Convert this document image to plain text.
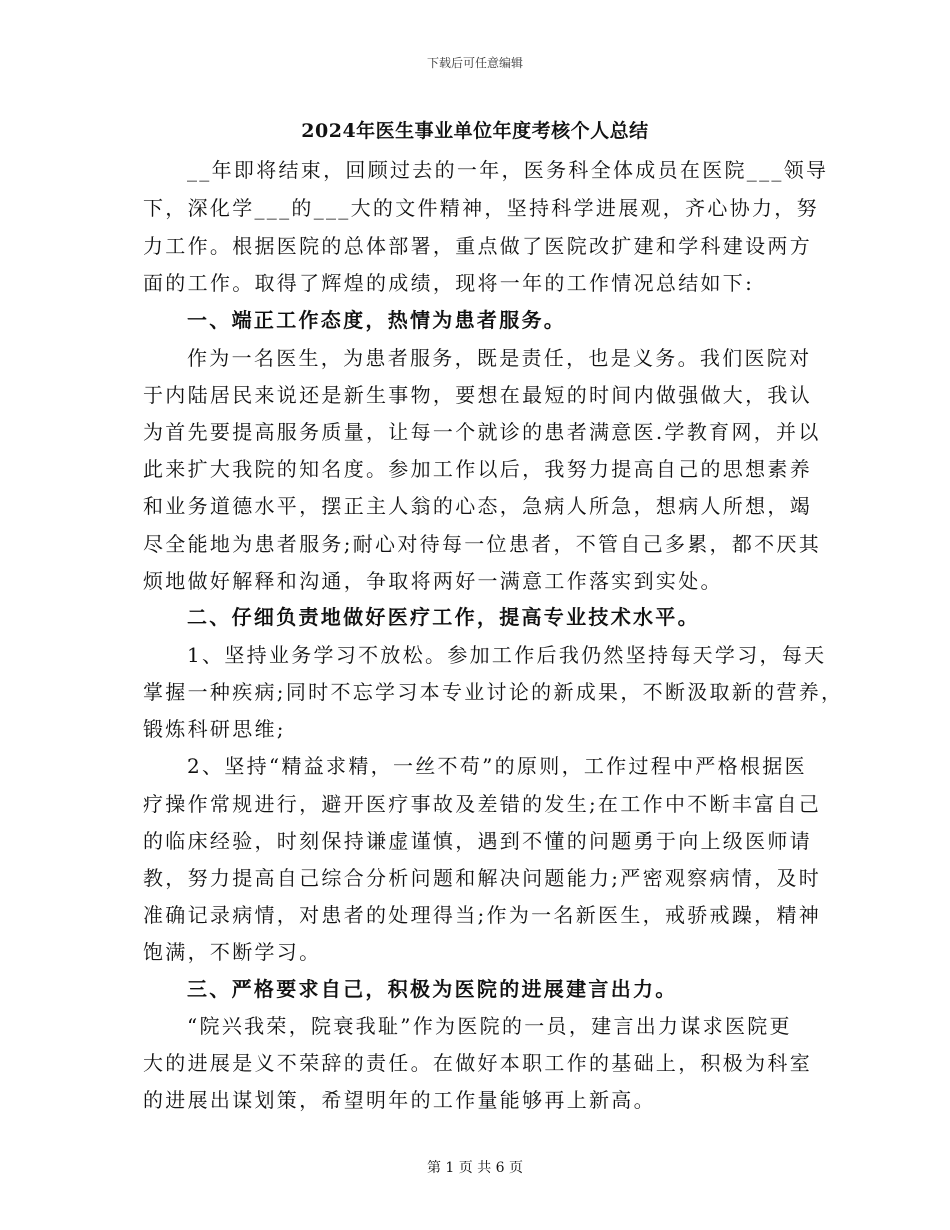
下载后可任意编辑
2024年医生事业单位年度考核个人总结
__年即将结束，回顾过去的一年，医务科全体成员在医院___领导
下，深化学___的___大的文件精神，坚持科学进展观，齐心协力，努
力工作。根据医院的总体部署，重点做了医院改扩建和学科建设两方
面的工作。取得了辉煌的成绩，现将一年的工作情况总结如下:
一、端正工作态度，热情为患者服务。
作为一名医生，为患者服务，既是责任，也是义务。我们医院对
于内陆居民来说还是新生事物，要想在最短的时间内做强做大，我认
为首先要提高服务质量，让每一个就诊的患者满意医.学教育网，并以
此来扩大我院的知名度。参加工作以后，我努力提高自己的思想素养
和业务道德水平，摆正主人翁的心态，急病人所急，想病人所想，竭
尽全能地为患者服务;耐心对待每一位患者，不管自己多累，都不厌其
烦地做好解释和沟通，争取将两好一满意工作落实到实处。
二、仔细负责地做好医疗工作，提高专业技术水平。
1、坚持业务学习不放松。参加工作后我仍然坚持每天学习，每天
掌握一种疾病;同时不忘学习本专业讨论的新成果，不断汲取新的营养，
锻炼科研思维;
2、坚持“精益求精，一丝不苟”的原则，工作过程中严格根据医
疗操作常规进行，避开医疗事故及差错的发生;在工作中不断丰富自己
的临床经验，时刻保持谦虚谨慎，遇到不懂的问题勇于向上级医师请
教，努力提高自己综合分析问题和解决问题能力;严密观察病情，及时
准确记录病情，对患者的处理得当;作为一名新医生，戒骄戒躁，精神
饱满，不断学习。
三、严格要求自己，积极为医院的进展建言出力。
“院兴我荣，院衰我耻”作为医院的一员，建言出力谋求医院更
大的进展是义不荣辞的责任。在做好本职工作的基础上，积极为科室
的进展出谋划策，希望明年的工作量能够再上新高。
第 1 页 共 6 页
